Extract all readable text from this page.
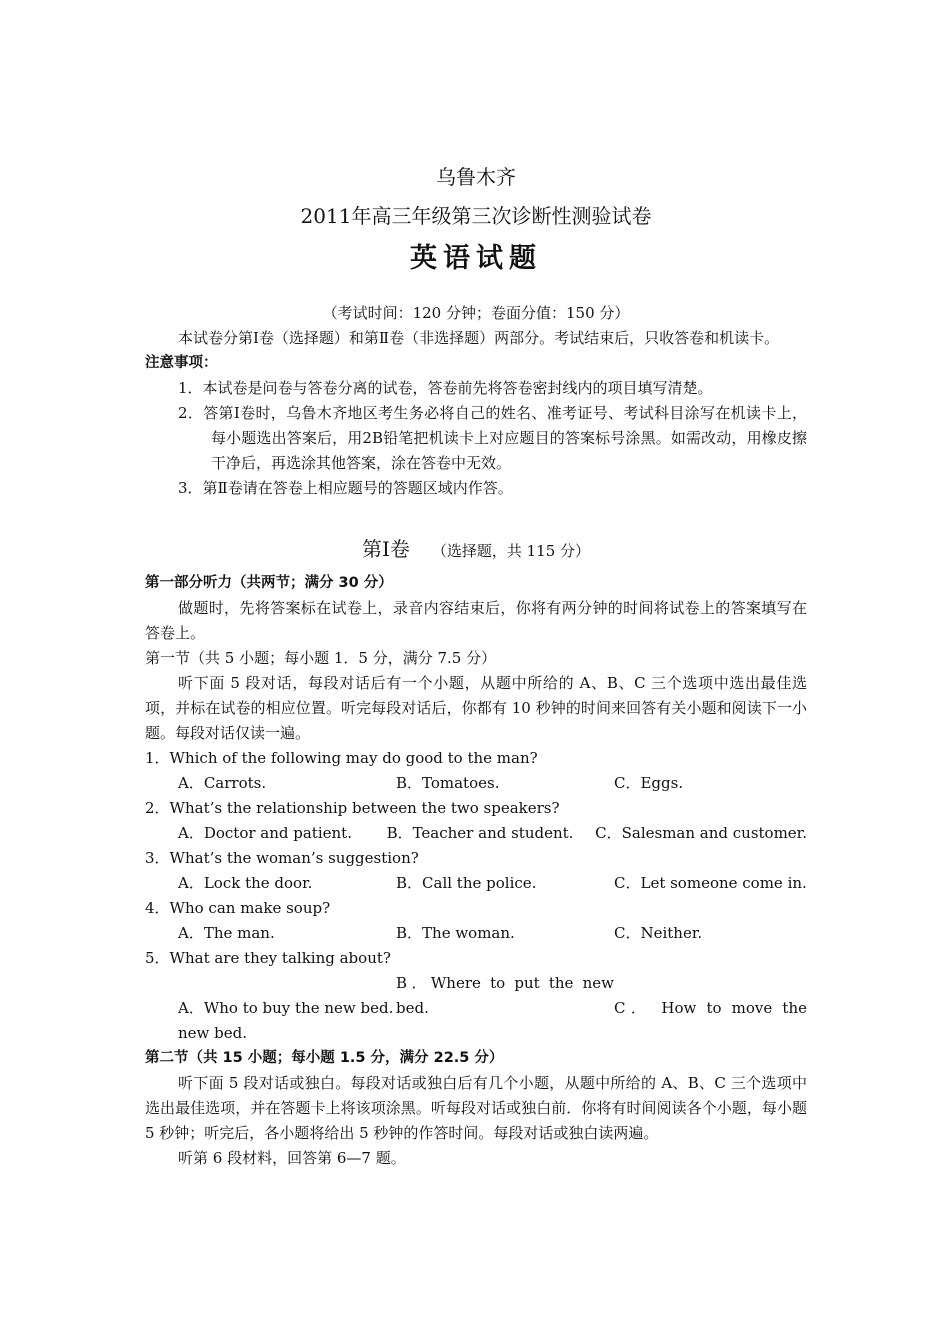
乌鲁木齐
2011年高三年级第三次诊断性测验试卷
英语试题
（考试时间：120 分钟；卷面分值：150 分）
本试卷分第Ⅰ卷（选择题）和第Ⅱ卷（非选择题）两部分。考试结束后，只收答卷和机读卡。
注意事项：
1．本试卷是问卷与答卷分离的试卷，答卷前先将答卷密封线内的项目填写清楚。
2．答第Ⅰ卷时，乌鲁木齐地区考生务必将自己的姓名、准考证号、考试科目涂写在机读卡上，每小题选出答案后，用2B铅笔把机读卡上对应题目的答案标号涂黑。如需改动，用橡皮擦干净后，再选涂其他答案，涂在答卷中无效。
3．第Ⅱ卷请在答卷上相应题号的答题区域内作答。
第Ⅰ卷 （选择题，共 115 分）
第一部分听力（共两节；满分 30 分）
做题时，先将答案标在试卷上，录音内容结束后，你将有两分钟的时间将试卷上的答案填写在答卷上。
第一节（共 5 小题；每小题 1．5 分，满分 7.5 分）
听下面 5 段对话，每段对话后有一个小题，从题中所给的 A、B、C 三个选项中选出最佳选项，并标在试卷的相应位置。听完每段对话后，你都有 10 秒钟的时间来回答有关小题和阅读下一小题。每段对话仅读一遍。
1．Which of the following may do good to the man?
A．Carrots.	B．Tomatoes.	C．Eggs.
2．What’s the relationship between the two speakers?
A．Doctor and patient.	B．Teacher and student.	C．Salesman and customer.
3．What’s the woman’s suggestion?
A．Lock the door.	B．Call the police.	C．Let someone come in.
4．Who can make soup?
A．The man.	B．The woman.	C．Neither.
5．What are they talking about?
A．Who to buy the new bed.B．Where to put the new bed.	C． How to move the new bed.
第二节（共 15 小题；每小题 1.5 分，满分 22.5 分）
听下面 5 段对话或独白。每段对话或独白后有几个小题，从题中所给的 A、B、C 三个选项中选出最佳选项，并在答题卡上将该项涂黑。听每段对话或独白前．你将有时间阅读各个小题，每小题 5 秒钟；听完后，各小题将给出 5 秒钟的作答时间。每段对话或独白读两遍。
听第 6 段材料，回答第 6—7 题。
